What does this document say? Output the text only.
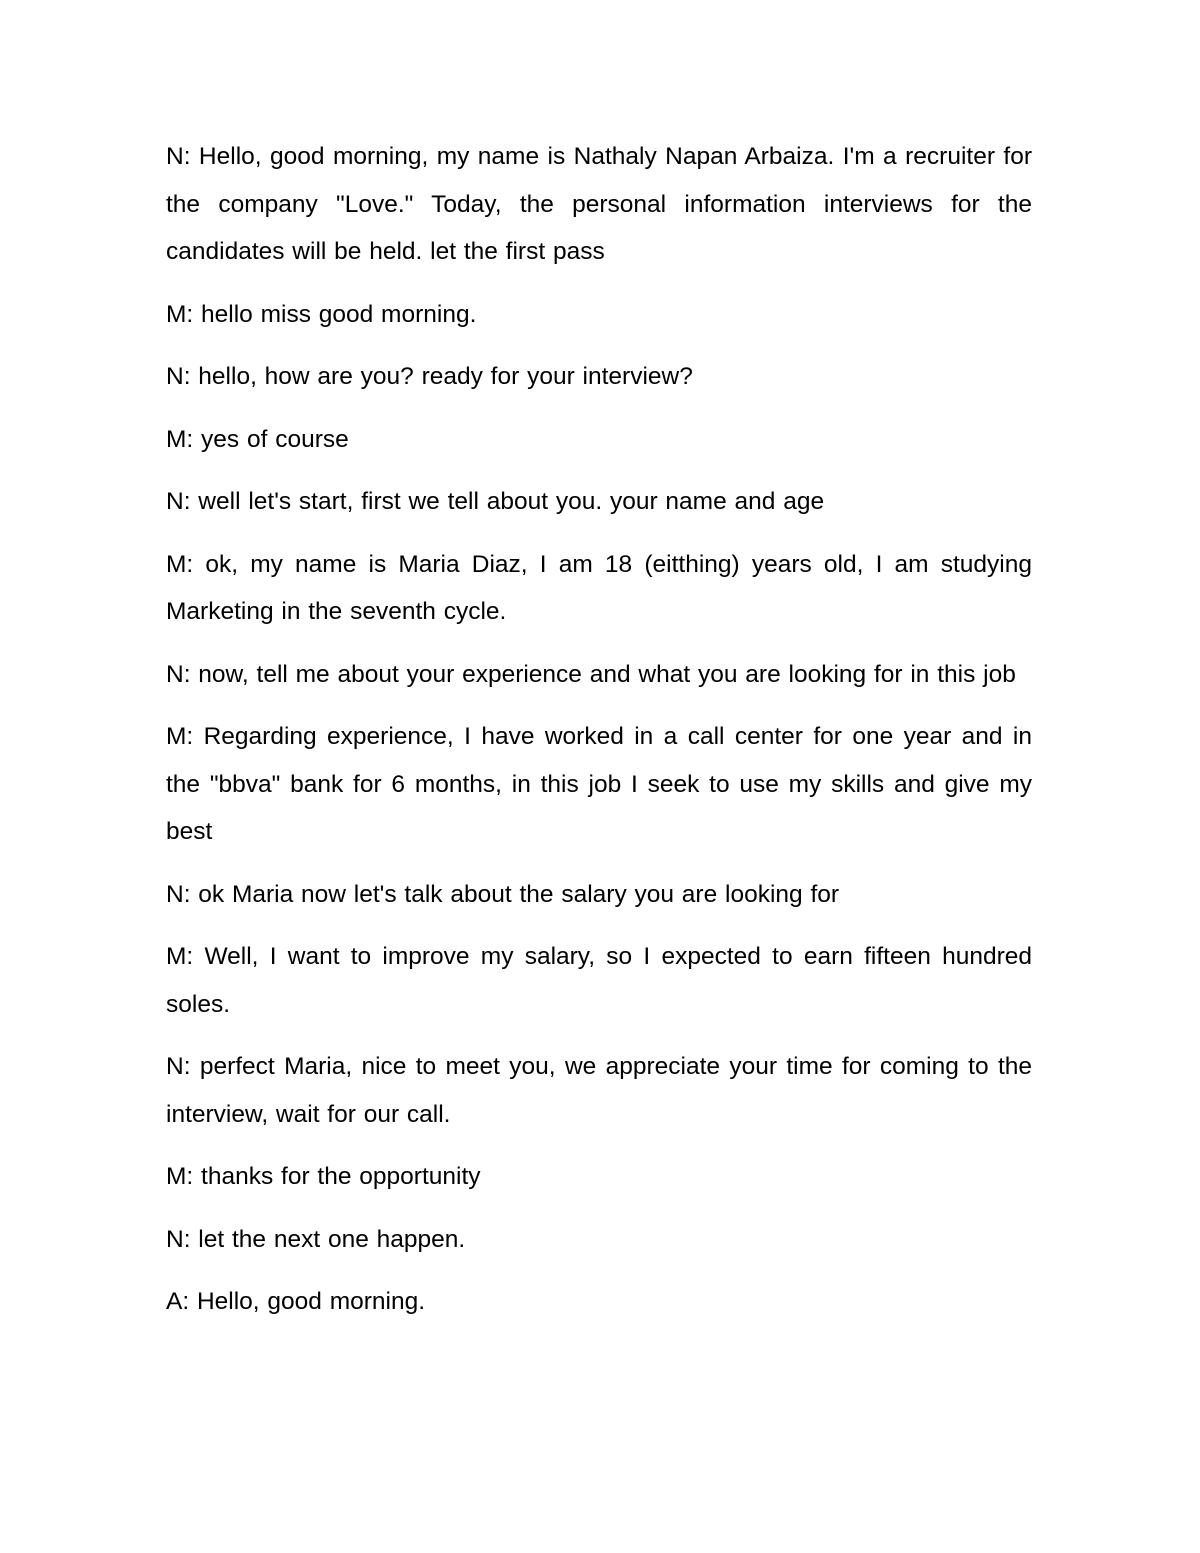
N: Hello, good morning, my name is Nathaly Napan Arbaiza. I'm a recruiter for the company "Love." Today, the personal information interviews for the candidates will be held. let the first pass

M: hello miss good morning.

N: hello, how are you? ready for your interview?

M: yes of course

N: well let's start, first we tell about you. your name and age

M: ok, my name is Maria Diaz, I am 18 (eitthing) years old, I am studying Marketing in the seventh cycle.

N: now, tell me about your experience and what you are looking for in this job

M: Regarding experience, I have worked in a call center for one year and in the "bbva" bank for 6 months, in this job I seek to use my skills and give my best

N: ok Maria now let's talk about the salary you are looking for

M: Well, I want to improve my salary, so I expected to earn fifteen hundred soles.

N: perfect Maria, nice to meet you, we appreciate your time for coming to the interview, wait for our call.

M: thanks for the opportunity

N: let the next one happen.

A: Hello, good morning.
